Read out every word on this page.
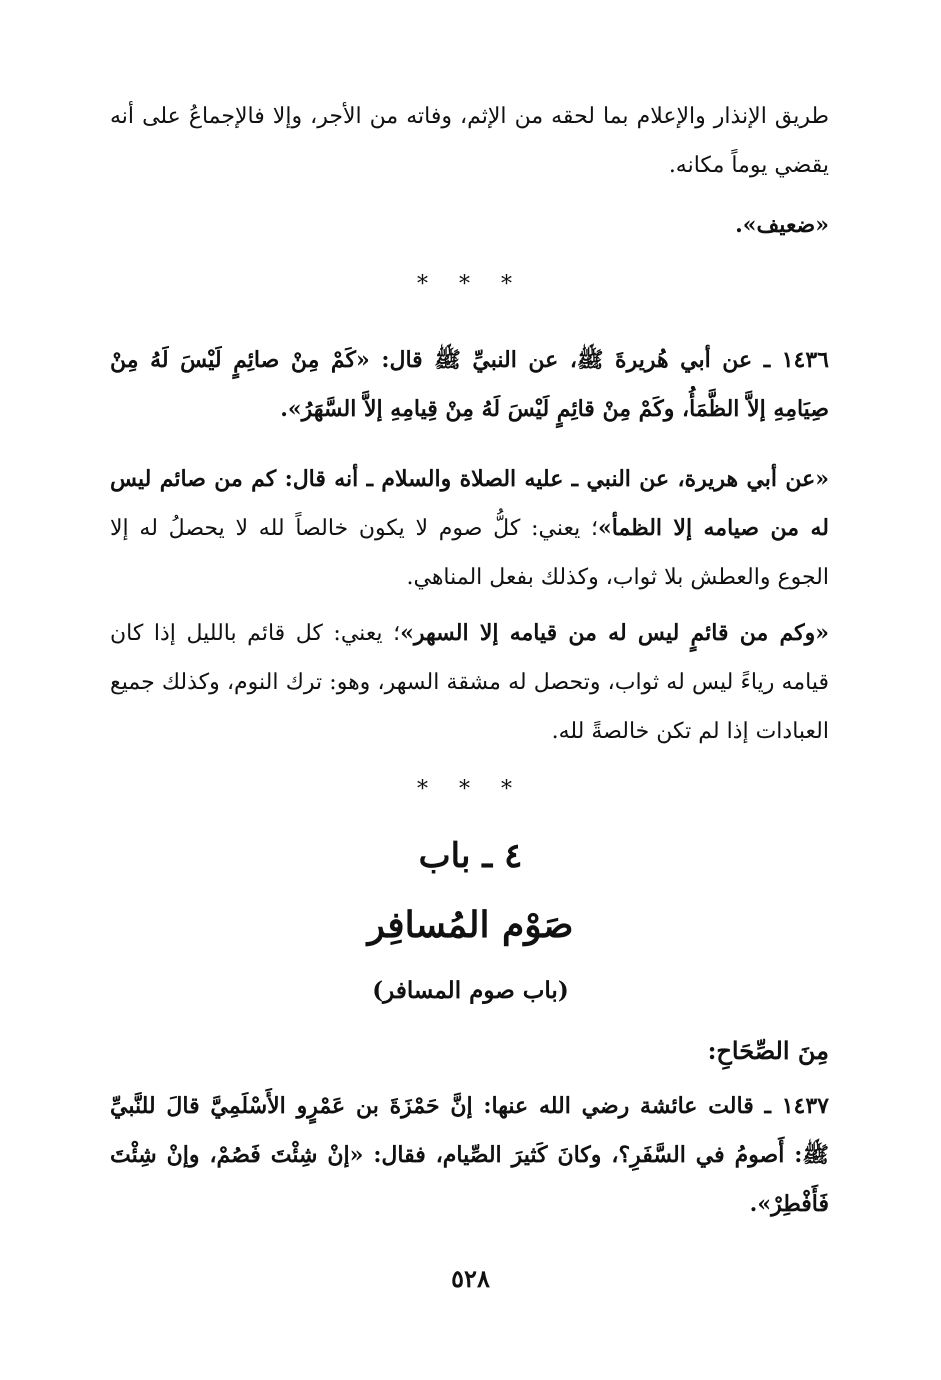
طريق الإنذار والإعلام بما لحقه من الإثم، وفاته من الأجر، وإلا فالإجماعُ على أنه يقضي يوماً مكانه.

«ضعيف».

* * *

١٤٣٦ ـ عن أبي هُريرةَ ﷺ، عن النبيِّ ﷺ قال: «كَمْ مِنْ صائِمٍ لَيْسَ لَهُ مِنْ صِيَامِهِ إلاَّ الظَّمَأُ، وكَمْ مِنْ قائِمٍ لَيْسَ لَهُ مِنْ قِيامِهِ إلاَّ السَّهَرُ».

«عن أبي هريرة، عن النبي ـ عليه الصلاة والسلام ـ أنه قال: كم من صائم ليس له من صيامه إلا الظمأ»؛ يعني: كلُّ صوم لا يكون خالصاً لله لا يحصلُ له إلا الجوع والعطش بلا ثواب، وكذلك بفعل المناهي.

«وكم من قائمٍ ليس له من قيامه إلا السهر»؛ يعني: كل قائم بالليل إذا كان قيامه رياءً ليس له ثواب، وتحصل له مشقة السهر، وهو: ترك النوم، وكذلك جميع العبادات إذا لم تكن خالصةً لله.

* * *
٤ ـ باب
صَوْم المُسافِر
(باب صوم المسافر)

مِنَ الصِّحَاحِ:

١٤٣٧ ـ قالت عائشة رضي الله عنها: إنَّ حَمْزَةَ بن عَمْرٍو الأَسْلَمِيَّ قالَ للنَّبيِّ ﷺ: أَصومُ في السَّفَرِ؟، وكانَ كَثيرَ الصِّيام، فقال: «إنْ شِئْتَ فَصُمْ، وإنْ شِئْتَ فَأَفْطِرْ».

٥٢٨
